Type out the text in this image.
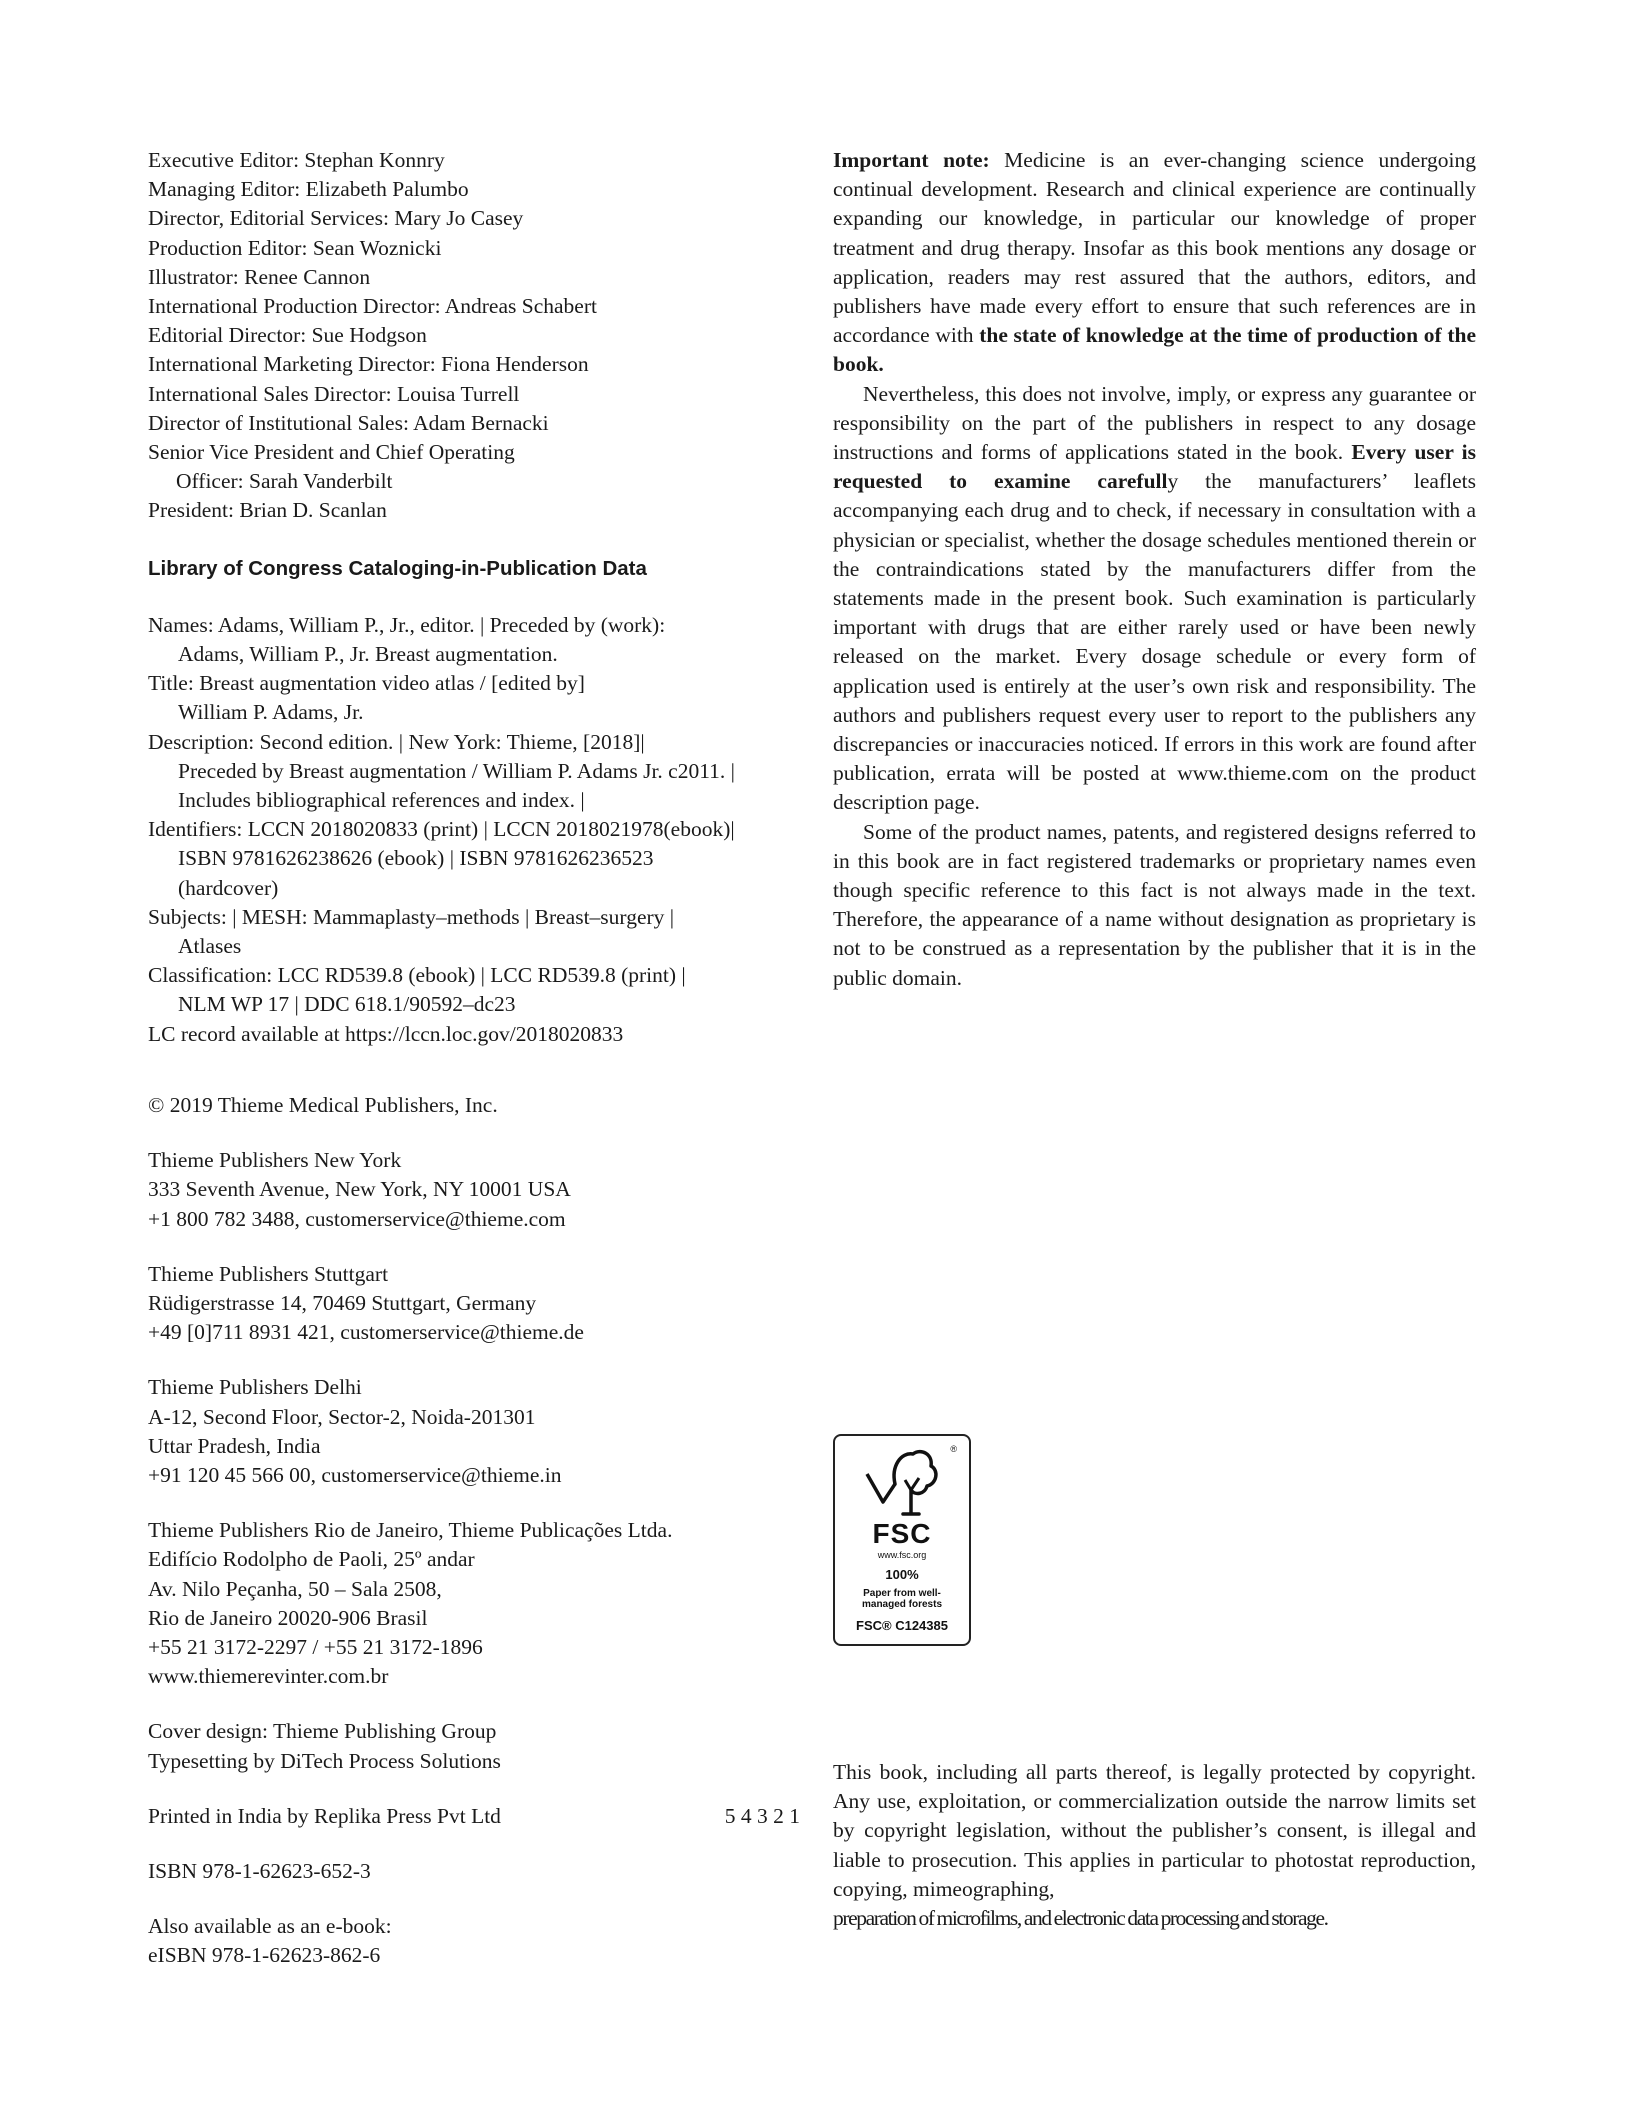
Executive Editor: Stephan Konnry
Managing Editor: Elizabeth Palumbo
Director, Editorial Services: Mary Jo Casey
Production Editor: Sean Woznicki
Illustrator: Renee Cannon
International Production Director: Andreas Schabert
Editorial Director: Sue Hodgson
International Marketing Director: Fiona Henderson
International Sales Director: Louisa Turrell
Director of Institutional Sales: Adam Bernacki
Senior Vice President and Chief Operating
Officer: Sarah Vanderbilt
President: Brian D. Scanlan
Library of Congress Cataloging-in-Publication Data
Names: Adams, William P., Jr., editor. | Preceded by (work):
Adams, William P., Jr. Breast augmentation.
Title: Breast augmentation video atlas / [edited by]
William P. Adams, Jr.
Description: Second edition. | New York: Thieme, [2018]|
Preceded by Breast augmentation / William P. Adams Jr. c2011. |
Includes bibliographical references and index. |
Identifiers: LCCN 2018020833 (print) | LCCN 2018021978(ebook)|
ISBN 9781626238626 (ebook) | ISBN 9781626236523
(hardcover)
Subjects: | MESH: Mammaplasty–methods | Breast–surgery |
Atlases
Classification: LCC RD539.8 (ebook) | LCC RD539.8 (print) |
NLM WP 17 | DDC 618.1/90592–dc23
LC record available at https://lccn.loc.gov/2018020833
© 2019 Thieme Medical Publishers, Inc.
Thieme Publishers New York
333 Seventh Avenue, New York, NY 10001 USA
+1 800 782 3488, customerservice@thieme.com
Thieme Publishers Stuttgart
Rüdigerstrasse 14, 70469 Stuttgart, Germany
+49 [0]711 8931 421, customerservice@thieme.de
Thieme Publishers Delhi
A-12, Second Floor, Sector-2, Noida-201301
Uttar Pradesh, India
+91 120 45 566 00, customerservice@thieme.in
Thieme Publishers Rio de Janeiro, Thieme Publicações Ltda.
Edifício Rodolpho de Paoli, 25º andar
Av. Nilo Peçanha, 50 – Sala 2508,
Rio de Janeiro 20020-906 Brasil
+55 21 3172-2297 / +55 21 3172-1896
www.thiemerevinter.com.br
Cover design: Thieme Publishing Group
Typesetting by DiTech Process Solutions
Printed in India by Replika Press Pvt Ltd	5 4 3 2 1
ISBN 978-1-62623-652-3
Also available as an e-book:
eISBN 978-1-62623-862-6

Important note: Medicine is an ever-changing science undergoing continual development. Research and clinical experience are continually expanding our knowledge, in particular our knowledge of proper treatment and drug therapy. Insofar as this book mentions any dosage or application, readers may rest assured that the authors, editors, and publishers have made every effort to ensure that such references are in accordance with the state of knowledge at the time of production of the book.

Nevertheless, this does not involve, imply, or express any guarantee or responsibility on the part of the publishers in respect to any dosage instructions and forms of applications stated in the book. Every user is requested to examine carefully the manufacturers’ leaflets accompanying each drug and to check, if necessary in consultation with a physician or specialist, whether the dosage schedules mentioned therein or the contraindications stated by the manufacturers differ from the statements made in the present book. Such examination is particularly important with drugs that are either rarely used or have been newly released on the market. Every dosage schedule or every form of application used is entirely at the user’s own risk and responsibility. The authors and publishers request every user to report to the publishers any discrepancies or inaccuracies noticed. If errors in this work are found after publication, errata will be posted at www.thieme.com on the product description page.

Some of the product names, patents, and registered designs referred to in this book are in fact registered trademarks or proprietary names even though specific reference to this fact is not always made in the text. Therefore, the appearance of a name without designation as proprietary is not to be construed as a representation by the publisher that it is in the public domain.

®
FSC
www.fsc.org
100%
Paper from well-managed forests
FSC® C124385
This book, including all parts thereof, is legally protected by copyright. Any use, exploitation, or commercialization outside the narrow limits set by copyright legislation, without the publisher’s consent, is illegal and liable to prosecution. This applies in particular to photostat reproduction, copying, mimeographing,
preparation of microfilms, and electronic data processing and storage.
